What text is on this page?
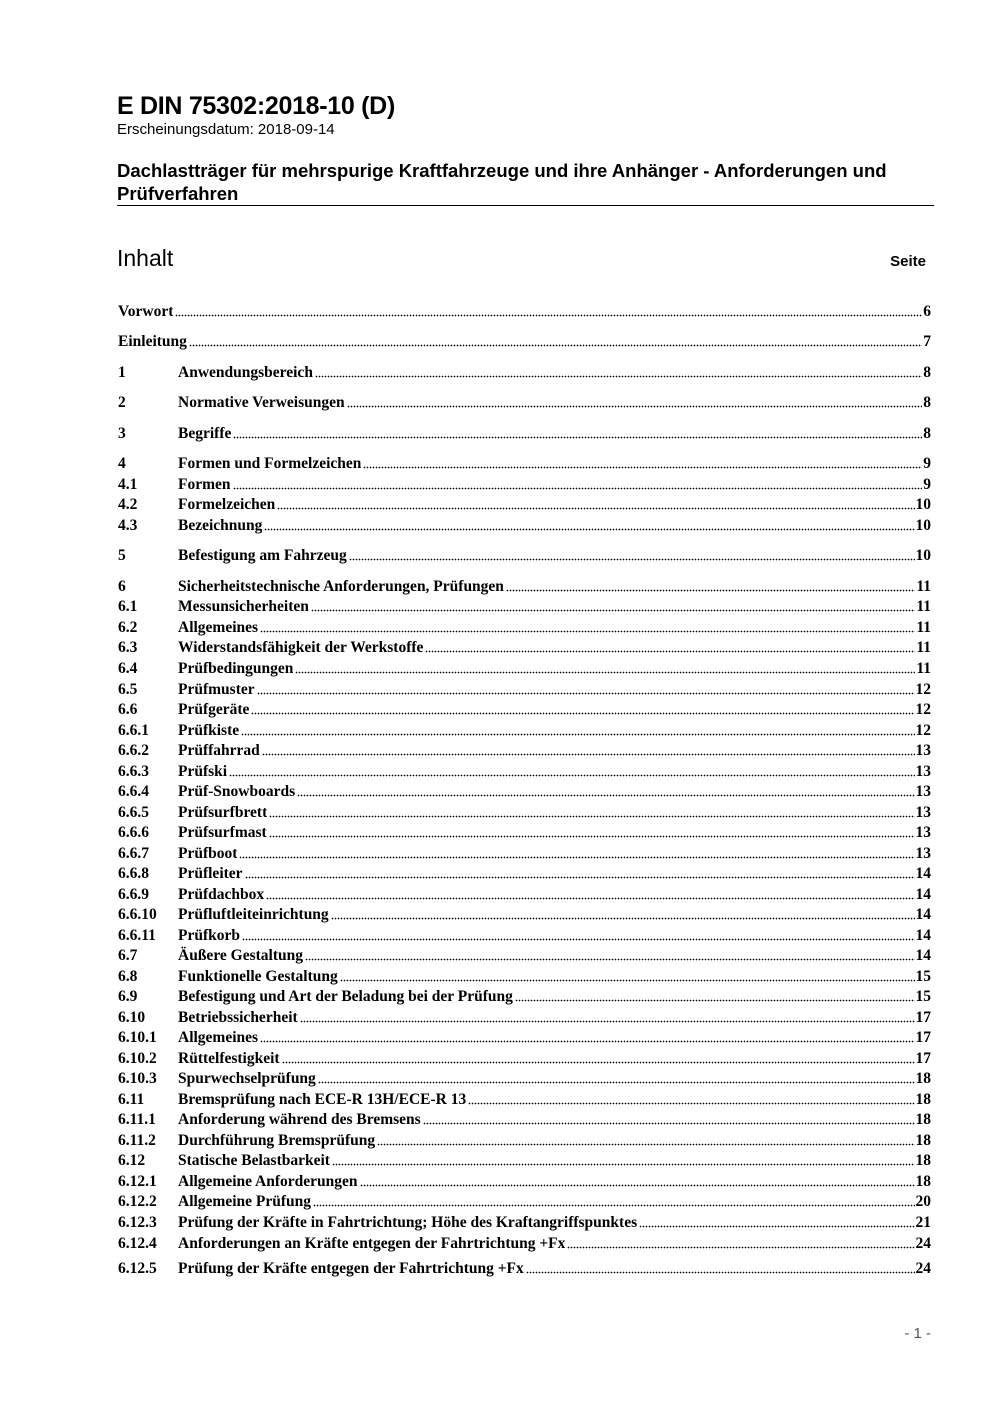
E DIN 75302:2018-10 (D)
Erscheinungsdatum: 2018-09-14
Dachlastträger für mehrspurige Kraftfahrzeuge und ihre Anhänger - Anforderungen und Prüfverfahren
Inhalt	Seite
Vorwort	6
Einleitung	7
1	Anwendungsbereich	8
2	Normative Verweisungen	8
3	Begriffe	8
4	Formen und Formelzeichen	9
4.1	Formen	9
4.2	Formelzeichen	10
4.3	Bezeichnung	10
5	Befestigung am Fahrzeug	10
6	Sicherheitstechnische Anforderungen, Prüfungen	11
6.1	Messunsicherheiten	11
6.2	Allgemeines	11
6.3	Widerstandsfähigkeit der Werkstoffe	11
6.4	Prüfbedingungen	11
6.5	Prüfmuster	12
6.6	Prüfgeräte	12
6.6.1	Prüfkiste	12
6.6.2	Prüffahrrad	13
6.6.3	Prüfski	13
6.6.4	Prüf-Snowboards	13
6.6.5	Prüfsurfbrett	13
6.6.6	Prüfsurfmast	13
6.6.7	Prüfboot	13
6.6.8	Prüfleiter	14
6.6.9	Prüfdachbox	14
6.6.10	Prüfluftleiteinrichtung	14
6.6.11	Prüfkorb	14
6.7	Äußere Gestaltung	14
6.8	Funktionelle Gestaltung	15
6.9	Befestigung und Art der Beladung bei der Prüfung	15
6.10	Betriebssicherheit	17
6.10.1	Allgemeines	17
6.10.2	Rüttelfestigkeit	17
6.10.3	Spurwechselprüfung	18
6.11	Bremsprüfung nach ECE-R 13H/ECE-R 13	18
6.11.1	Anforderung während des Bremsens	18
6.11.2	Durchführung Bremsprüfung	18
6.12	Statische Belastbarkeit	18
6.12.1	Allgemeine Anforderungen	18
6.12.2	Allgemeine Prüfung	20
6.12.3	Prüfung der Kräfte in Fahrtrichtung; Höhe des Kraftangriffspunktes	21
6.12.4	Anforderungen an Kräfte entgegen der Fahrtrichtung +Fx	24
6.12.5	Prüfung der Kräfte entgegen der Fahrtrichtung +Fx	24
- 1 -
